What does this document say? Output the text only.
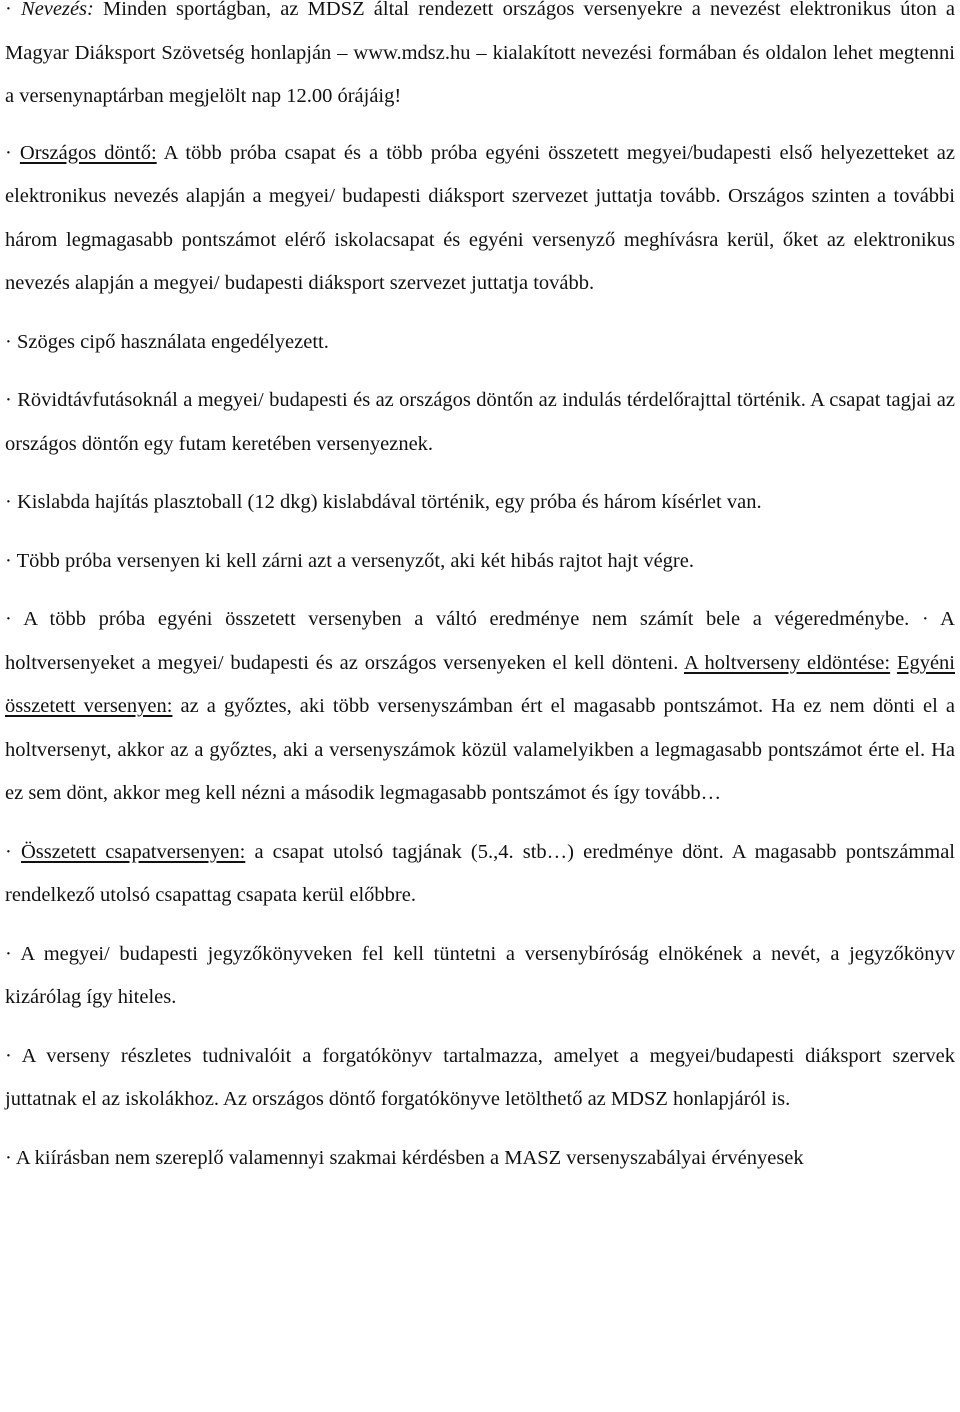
· Nevezés: Minden sportágban, az MDSZ által rendezett országos versenyekre a nevezést elektronikus úton a Magyar Diáksport Szövetség honlapján – www.mdsz.hu – kialakított nevezési formában és oldalon lehet megtenni a versenynaptárban megjelölt nap 12.00 órájáig!

· Országos döntő: A több próba csapat és a több próba egyéni összetett megyei/budapesti első helyezetteket az elektronikus nevezés alapján a megyei/ budapesti diáksport szervezet juttatja tovább. Országos szinten a további három legmagasabb pontszámot elérő iskolacsapat és egyéni versenyző meghívásra kerül, őket az elektronikus nevezés alapján a megyei/ budapesti diáksport szervezet juttatja tovább.

· Szöges cipő használata engedélyezett.

· Rövidtávfutásoknál a megyei/ budapesti és az országos döntőn az indulás térdelőrajttal történik. A csapat tagjai az országos döntőn egy futam keretében versenyeznek.

· Kislabda hajítás plasztoball (12 dkg) kislabdával történik, egy próba és három kísérlet van.

· Több próba versenyen ki kell zárni azt a versenyzőt, aki két hibás rajtot hajt végre.

· A több próba egyéni összetett versenyben a váltó eredménye nem számít bele a végeredménybe. · A holtversenyeket a megyei/ budapesti és az országos versenyeken el kell dönteni. A holtverseny eldöntése: Egyéni összetett versenyen: az a győztes, aki több versenyszámban ért el magasabb pontszámot. Ha ez nem dönti el a holtversenyt, akkor az a győztes, aki a versenyszámok közül valamelyikben a legmagasabb pontszámot érte el. Ha ez sem dönt, akkor meg kell nézni a második legmagasabb pontszámot és így tovább…

· Összetett csapatversenyen: a csapat utolsó tagjának (5.,4. stb…) eredménye dönt. A magasabb pontszámmal rendelkező utolsó csapattag csapata kerül előbbre.

· A megyei/ budapesti jegyzőkönyveken fel kell tüntetni a versenybíróság elnökének a nevét, a jegyzőkönyv kizárólag így hiteles.

· A verseny részletes tudnivalóit a forgatókönyv tartalmazza, amelyet a megyei/budapesti diáksport szervek juttatnak el az iskolákhoz. Az országos döntő forgatókönyve letölthető az MDSZ honlapjáról is.

· A kiírásban nem szereplő valamennyi szakmai kérdésben a MASZ versenyszabályai érvényesek
